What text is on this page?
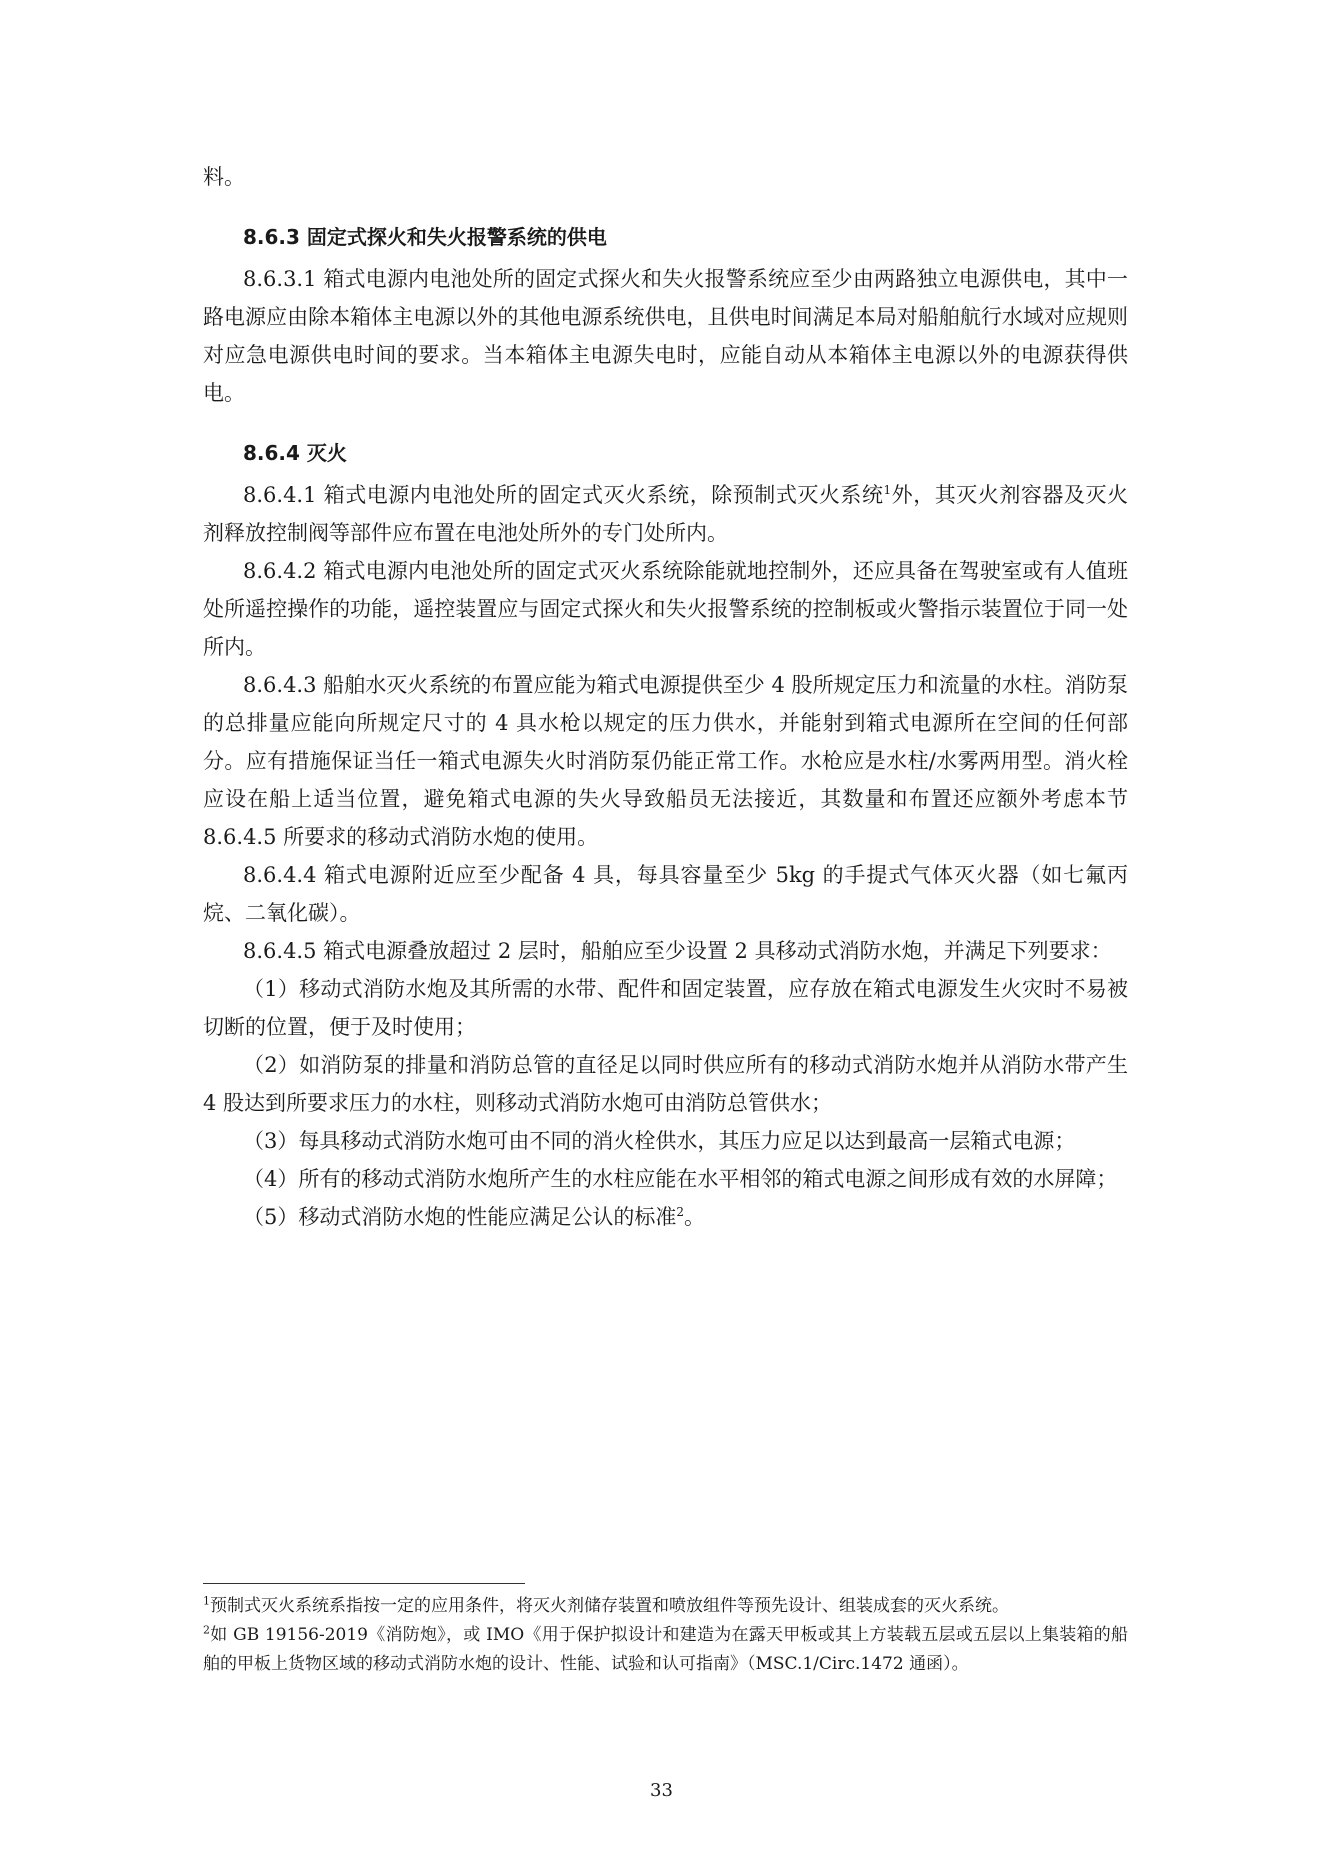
料。

8.6.3 固定式探火和失火报警系统的供电

8.6.3.1 箱式电源内电池处所的固定式探火和失火报警系统应至少由两路独立电源供电，其中一路电源应由除本箱体主电源以外的其他电源系统供电，且供电时间满足本局对船舶航行水域对应规则对应急电源供电时间的要求。当本箱体主电源失电时，应能自动从本箱体主电源以外的电源获得供电。

8.6.4 灭火

8.6.4.1 箱式电源内电池处所的固定式灭火系统，除预制式灭火系统$^1$外，其灭火剂容器及灭火剂释放控制阀等部件应布置在电池处所外的专门处所内。

8.6.4.2 箱式电源内电池处所的固定式灭火系统除能就地控制外，还应具备在驾驶室或有人值班处所遥控操作的功能，遥控装置应与固定式探火和失火报警系统的控制板或火警指示装置位于同一处所内。

8.6.4.3 船舶水灭火系统的布置应能为箱式电源提供至少 4 股所规定压力和流量的水柱。消防泵的总排量应能向所规定尺寸的 4 具水枪以规定的压力供水，并能射到箱式电源所在空间的任何部分。应有措施保证当任一箱式电源失火时消防泵仍能正常工作。水枪应是水柱/水雾两用型。消火栓应设在船上适当位置，避免箱式电源的失火导致船员无法接近，其数量和布置还应额外考虑本节 8.6.4.5 所要求的移动式消防水炮的使用。

8.6.4.4 箱式电源附近应至少配备 4 具，每具容量至少 5kg 的手提式气体灭火器（如七氟丙烷、二氧化碳）。

8.6.4.5 箱式电源叠放超过 2 层时，船舶应至少设置 2 具移动式消防水炮，并满足下列要求：

（1）移动式消防水炮及其所需的水带、配件和固定装置，应存放在箱式电源发生火灾时不易被切断的位置，便于及时使用；

（2）如消防泵的排量和消防总管的直径足以同时供应所有的移动式消防水炮并从消防水带产生 4 股达到所要求压力的水柱，则移动式消防水炮可由消防总管供水；

（3）每具移动式消防水炮可由不同的消火栓供水，其压力应足以达到最高一层箱式电源；

（4）所有的移动式消防水炮所产生的水柱应能在水平相邻的箱式电源之间形成有效的水屏障；

（5）移动式消防水炮的性能应满足公认的标准$^2$。

$^1$预制式灭火系统系指按一定的应用条件，将灭火剂储存装置和喷放组件等预先设计、组装成套的灭火系统。

$^2$如 GB 19156-2019《消防炮》，或 IMO《用于保护拟设计和建造为在露天甲板或其上方装载五层或五层以上集装箱的船舶的甲板上货物区域的移动式消防水炮的设计、性能、试验和认可指南》（MSC.1/Circ.1472 通函）。

33
